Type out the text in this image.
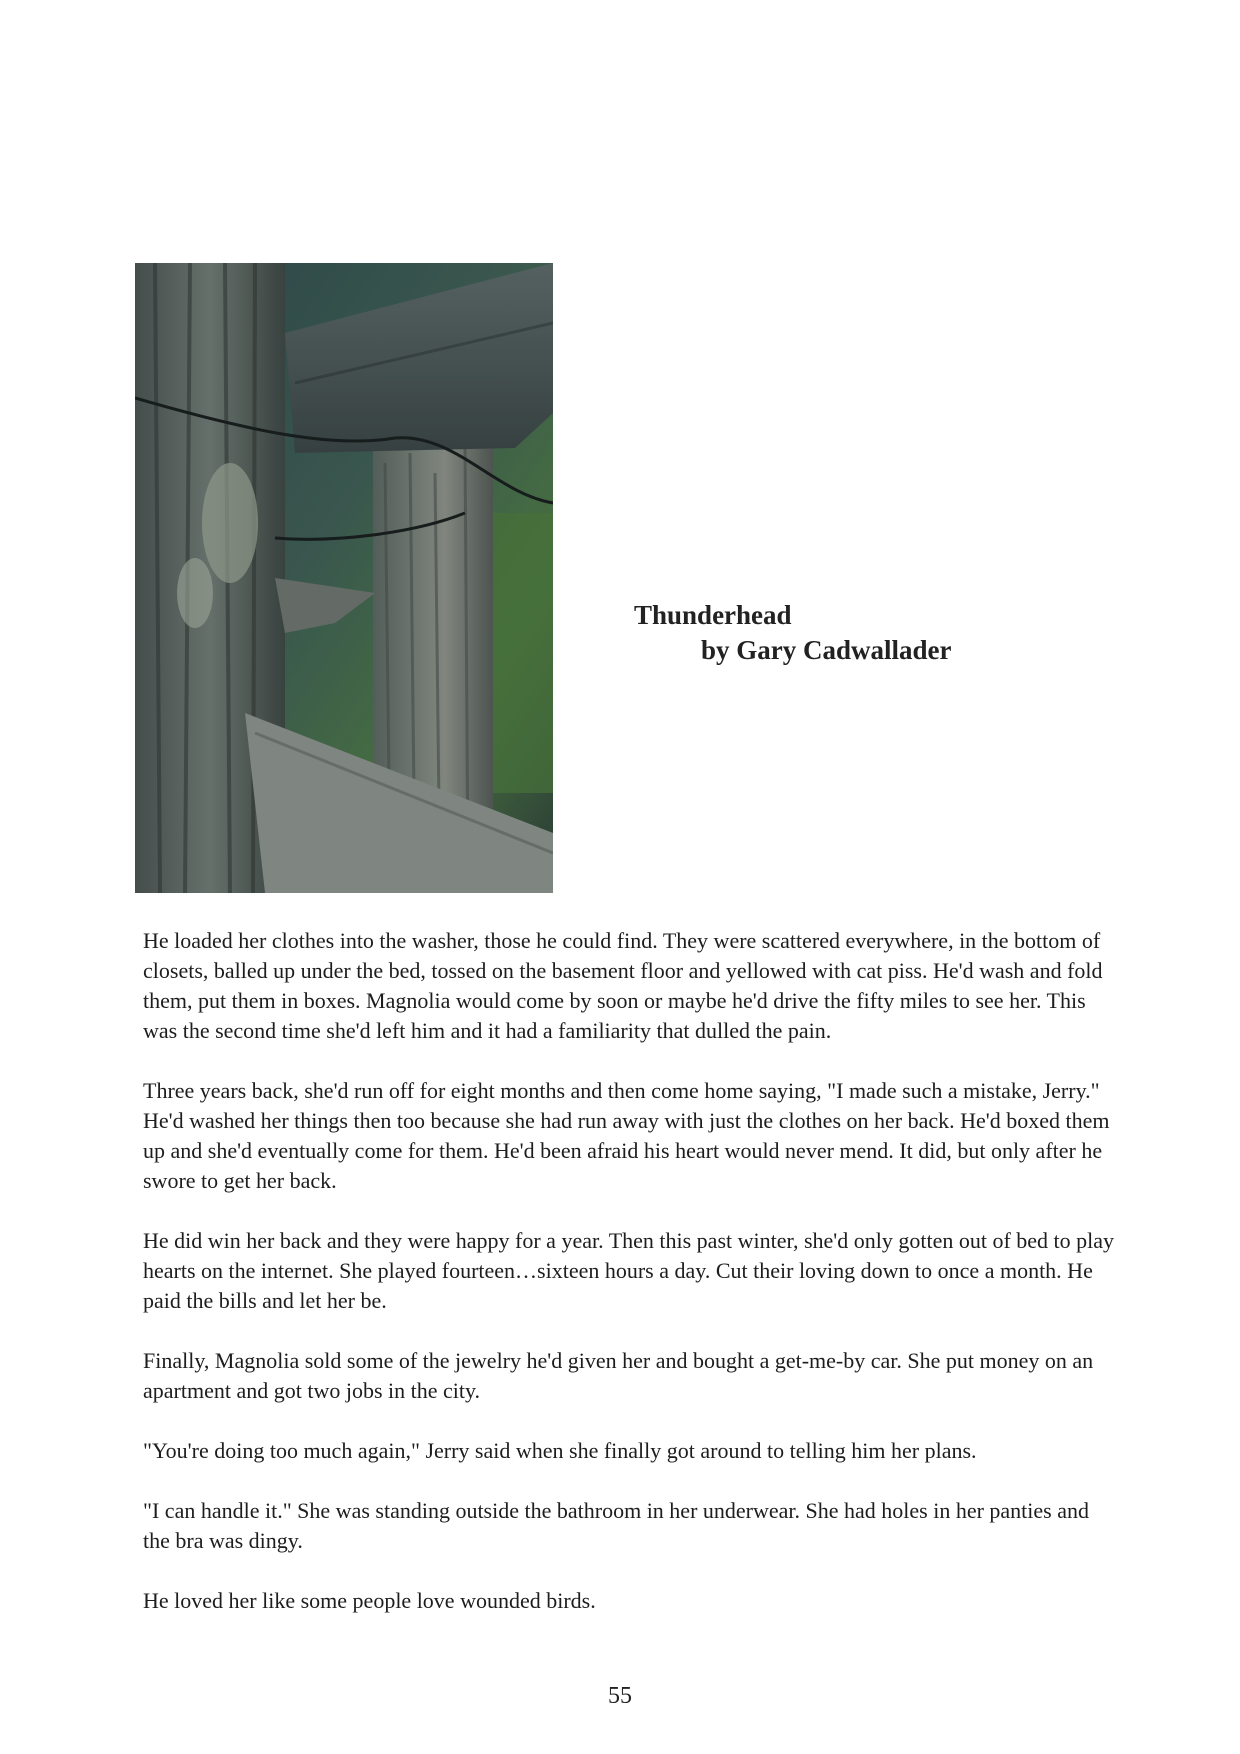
Thunderhead
by Gary Cadwallader

He loaded her clothes into the washer, those he could find. They were scattered everywhere, in the bottom of closets, balled up under the bed, tossed on the basement floor and yellowed with cat piss. He'd wash and fold them, put them in boxes. Magnolia would come by soon or maybe he'd drive the fifty miles to see her. This was the second time she'd left him and it had a familiarity that dulled the pain.

Three years back, she'd run off for eight months and then come home saying, "I made such a mistake, Jerry." He'd washed her things then too because she had run away with just the clothes on her back. He'd boxed them up and she'd eventually come for them. He'd been afraid his heart would never mend. It did, but only after he swore to get her back.

He did win her back and they were happy for a year. Then this past winter, she'd only gotten out of bed to play hearts on the internet. She played fourteen…sixteen hours a day. Cut their loving down to once a month. He paid the bills and let her be.

Finally, Magnolia sold some of the jewelry he'd given her and bought a get-me-by car. She put money on an apartment and got two jobs in the city.

"You're doing too much again," Jerry said when she finally got around to telling him her plans.

"I can handle it." She was standing outside the bathroom in her underwear. She had holes in her panties and the bra was dingy.

He loved her like some people love wounded birds.

55
